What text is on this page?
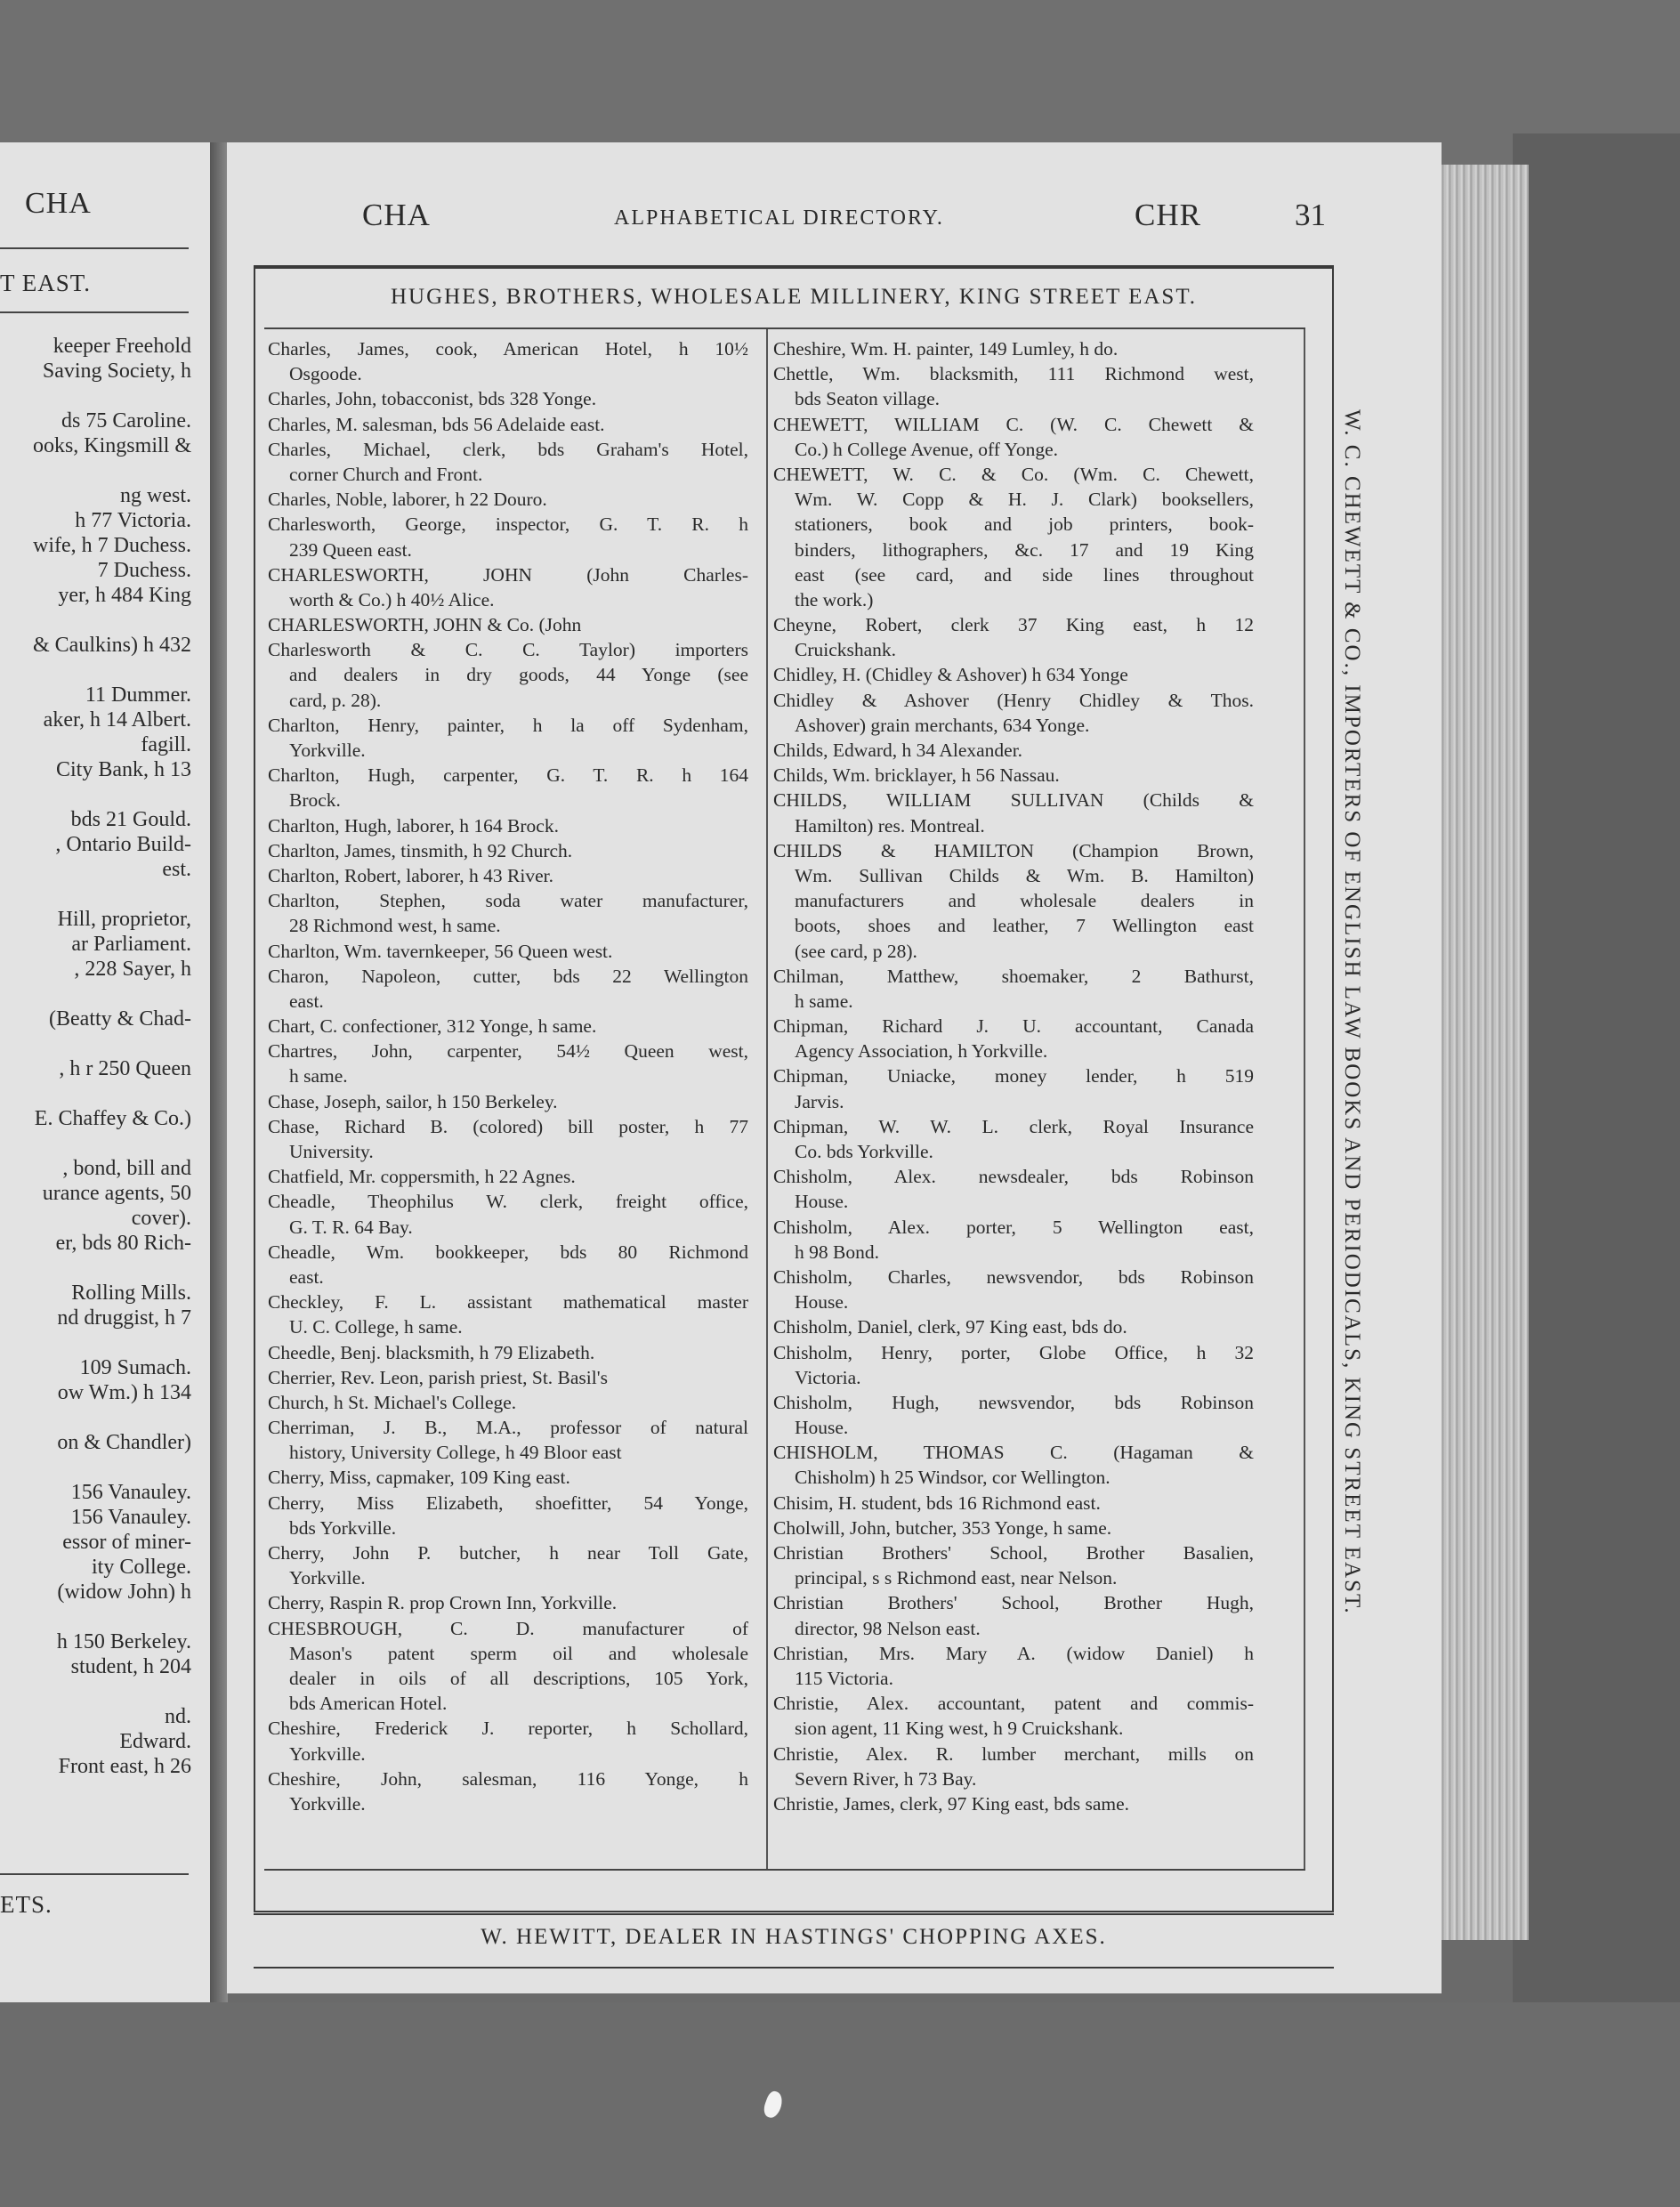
CHA
T EAST.
keeper Freehold
Saving Society, h
ds 75 Caroline.
ooks, Kingsmill &
ng west.
h 77 Victoria.
wife, h 7 Duchess.
7 Duchess.
yer, h 484 King
& Caulkins) h 432
11 Dummer.
aker, h 14 Albert.
fagill.
City Bank, h 13
bds 21 Gould.
, Ontario Build-
est.
Hill, proprietor,
ar Parliament.
, 228 Sayer, h
(Beatty & Chad-
, h r 250 Queen
E. Chaffey & Co.)
, bond, bill and
urance agents, 50
cover).
er, bds 80 Rich-
Rolling Mills.
nd druggist, h 7
109 Sumach.
ow Wm.) h 134
on & Chandler)
156 Vanauley.
156 Vanauley.
essor of miner-
ity College.
(widow John) h
h 150 Berkeley.
student, h 204
nd.
Edward.
Front east, h 26
ETS.
CHA	ALPHABETICAL DIRECTORY.	CHR	31
HUGHES, BROTHERS, WHOLESALE MILLINERY, KING STREET EAST.
Charles, James, cook, American Hotel, h 10½
Osgoode.
Charles, John, tobacconist, bds 328 Yonge.
Charles, M. salesman, bds 56 Adelaide east.
Charles, Michael, clerk, bds Graham's Hotel,
corner Church and Front.
Charles, Noble, laborer, h 22 Douro.
Charlesworth, George, inspector, G. T. R. h
239 Queen east.
CHARLESWORTH, JOHN (John Charles-
worth & Co.) h 40½ Alice.
CHARLESWORTH, JOHN & Co. (John
Charlesworth & C. C. Taylor) importers
and dealers in dry goods, 44 Yonge (see
card, p. 28).
Charlton, Henry, painter, h la off Sydenham,
Yorkville.
Charlton, Hugh, carpenter, G. T. R. h 164
Brock.
Charlton, Hugh, laborer, h 164 Brock.
Charlton, James, tinsmith, h 92 Church.
Charlton, Robert, laborer, h 43 River.
Charlton, Stephen, soda water manufacturer,
28 Richmond west, h same.
Charlton, Wm. tavernkeeper, 56 Queen west.
Charon, Napoleon, cutter, bds 22 Wellington
east.
Chart, C. confectioner, 312 Yonge, h same.
Chartres, John, carpenter, 54½ Queen west,
h same.
Chase, Joseph, sailor, h 150 Berkeley.
Chase, Richard B. (colored) bill poster, h 77
University.
Chatfield, Mr. coppersmith, h 22 Agnes.
Cheadle, Theophilus W. clerk, freight office,
G. T. R. 64 Bay.
Cheadle, Wm. bookkeeper, bds 80 Richmond
east.
Checkley, F. L. assistant mathematical master
U. C. College, h same.
Cheedle, Benj. blacksmith, h 79 Elizabeth.
Cherrier, Rev. Leon, parish priest, St. Basil's
Church, h St. Michael's College.
Cherriman, J. B., M.A., professor of natural
history, University College, h 49 Bloor east
Cherry, Miss, capmaker, 109 King east.
Cherry, Miss Elizabeth, shoefitter, 54 Yonge,
bds Yorkville.
Cherry, John P. butcher, h near Toll Gate,
Yorkville.
Cherry, Raspin R. prop Crown Inn, Yorkville.
CHESBROUGH, C. D. manufacturer of
Mason's patent sperm oil and wholesale
dealer in oils of all descriptions, 105 York,
bds American Hotel.
Cheshire, Frederick J. reporter, h Schollard,
Yorkville.
Cheshire, John, salesman, 116 Yonge, h
Yorkville.
Cheshire, Wm. H. painter, 149 Lumley, h do.
Chettle, Wm. blacksmith, 111 Richmond west,
bds Seaton village.
CHEWETT, WILLIAM C. (W. C. Chewett &
Co.) h College Avenue, off Yonge.
CHEWETT, W. C. & Co. (Wm. C. Chewett,
Wm. W. Copp & H. J. Clark) booksellers,
stationers, book and job printers, book-
binders, lithographers, &c. 17 and 19 King
east (see card, and side lines throughout
the work.)
Cheyne, Robert, clerk 37 King east, h 12
Cruickshank.
Chidley, H. (Chidley & Ashover) h 634 Yonge
Chidley & Ashover (Henry Chidley & Thos.
Ashover) grain merchants, 634 Yonge.
Childs, Edward, h 34 Alexander.
Childs, Wm. bricklayer, h 56 Nassau.
CHILDS, WILLIAM SULLIVAN (Childs &
Hamilton) res. Montreal.
CHILDS & HAMILTON (Champion Brown,
Wm. Sullivan Childs & Wm. B. Hamilton)
manufacturers and wholesale dealers in
boots, shoes and leather, 7 Wellington east
(see card, p 28).
Chilman, Matthew, shoemaker, 2 Bathurst,
h same.
Chipman, Richard J. U. accountant, Canada
Agency Association, h Yorkville.
Chipman, Uniacke, money lender, h 519
Jarvis.
Chipman, W. W. L. clerk, Royal Insurance
Co. bds Yorkville.
Chisholm, Alex. newsdealer, bds Robinson
House.
Chisholm, Alex. porter, 5 Wellington east,
h 98 Bond.
Chisholm, Charles, newsvendor, bds Robinson
House.
Chisholm, Daniel, clerk, 97 King east, bds do.
Chisholm, Henry, porter, Globe Office, h 32
Victoria.
Chisholm, Hugh, newsvendor, bds Robinson
House.
CHISHOLM, THOMAS C. (Hagaman &
Chisholm) h 25 Windsor, cor Wellington.
Chisim, H. student, bds 16 Richmond east.
Cholwill, John, butcher, 353 Yonge, h same.
Christian Brothers' School, Brother Basalien,
principal, s s Richmond east, near Nelson.
Christian Brothers' School, Brother Hugh,
director, 98 Nelson east.
Christian, Mrs. Mary A. (widow Daniel) h
115 Victoria.
Christie, Alex. accountant, patent and commis-
sion agent, 11 King west, h 9 Cruickshank.
Christie, Alex. R. lumber merchant, mills on
Severn River, h 73 Bay.
Christie, James, clerk, 97 King east, bds same.
W. C. CHEWETT & CO., IMPORTERS OF ENGLISH LAW BOOKS AND PERIODICALS, KING STREET EAST.
W. HEWITT, DEALER IN HASTINGS' CHOPPING AXES.
